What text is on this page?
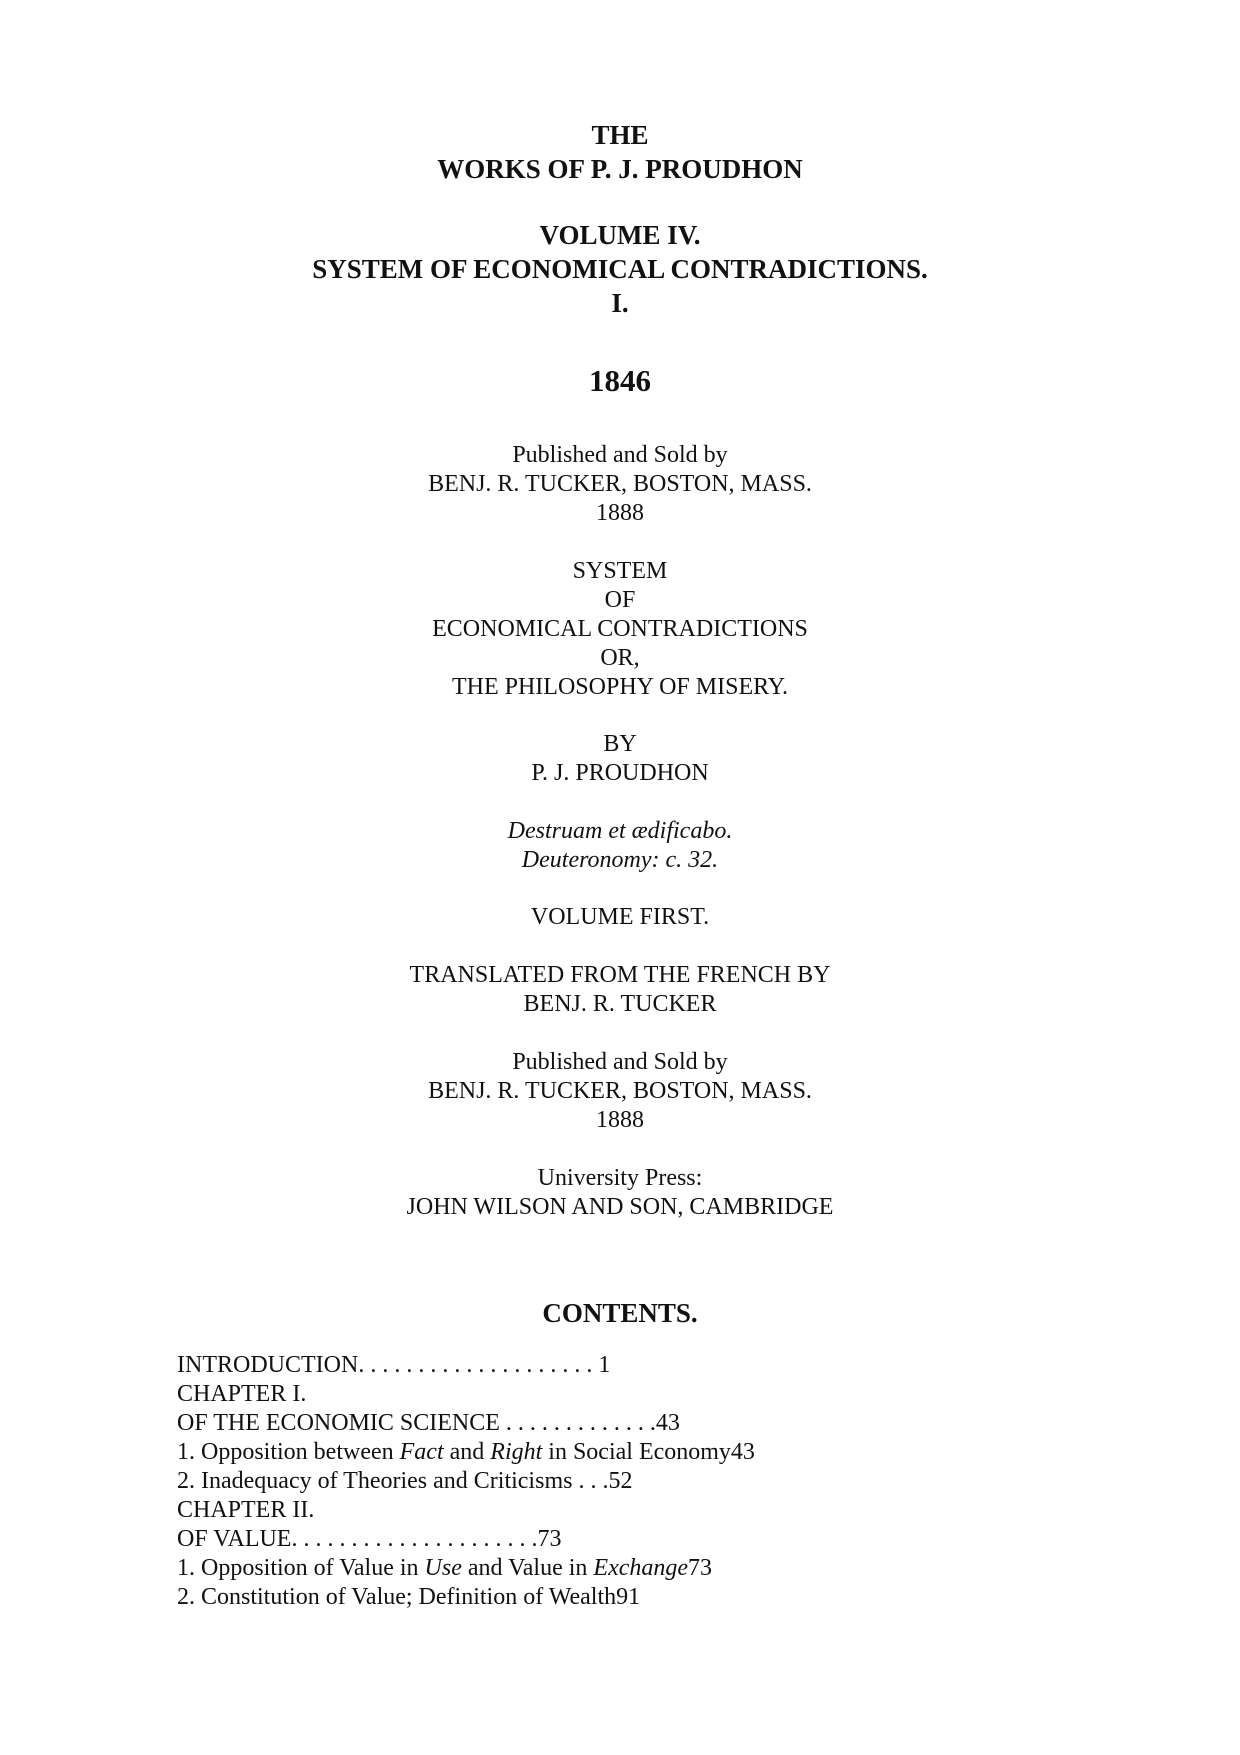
THE
WORKS OF P. J. PROUDHON
VOLUME IV.
SYSTEM OF ECONOMICAL CONTRADICTIONS.
I.
1846
Published and Sold by
BENJ. R. TUCKER, BOSTON, MASS.
1888
SYSTEM
OF
ECONOMICAL CONTRADICTIONS
OR,
THE PHILOSOPHY OF MISERY.
BY
P. J. PROUDHON
Destruam et ædificabo.
Deuteronomy: c. 32.
VOLUME FIRST.
TRANSLATED FROM THE FRENCH BY
BENJ. R. TUCKER
Published and Sold by
BENJ. R. TUCKER, BOSTON, MASS.
1888
University Press:
JOHN WILSON AND SON, CAMBRIDGE
CONTENTS.
INTRODUCTION. . . . . . . . . . . . . . . . . . . . 1
CHAPTER I.
OF THE ECONOMIC SCIENCE . . . . . . . . . . . . .43
1. Opposition between Fact and Right in Social Economy43
2. Inadequacy of Theories and Criticisms . . .52
CHAPTER II.
OF VALUE. . . . . . . . . . . . . . . . . . . . .73
1. Opposition of Value in Use and Value in Exchange73
2. Constitution of Value; Definition of Wealth91
